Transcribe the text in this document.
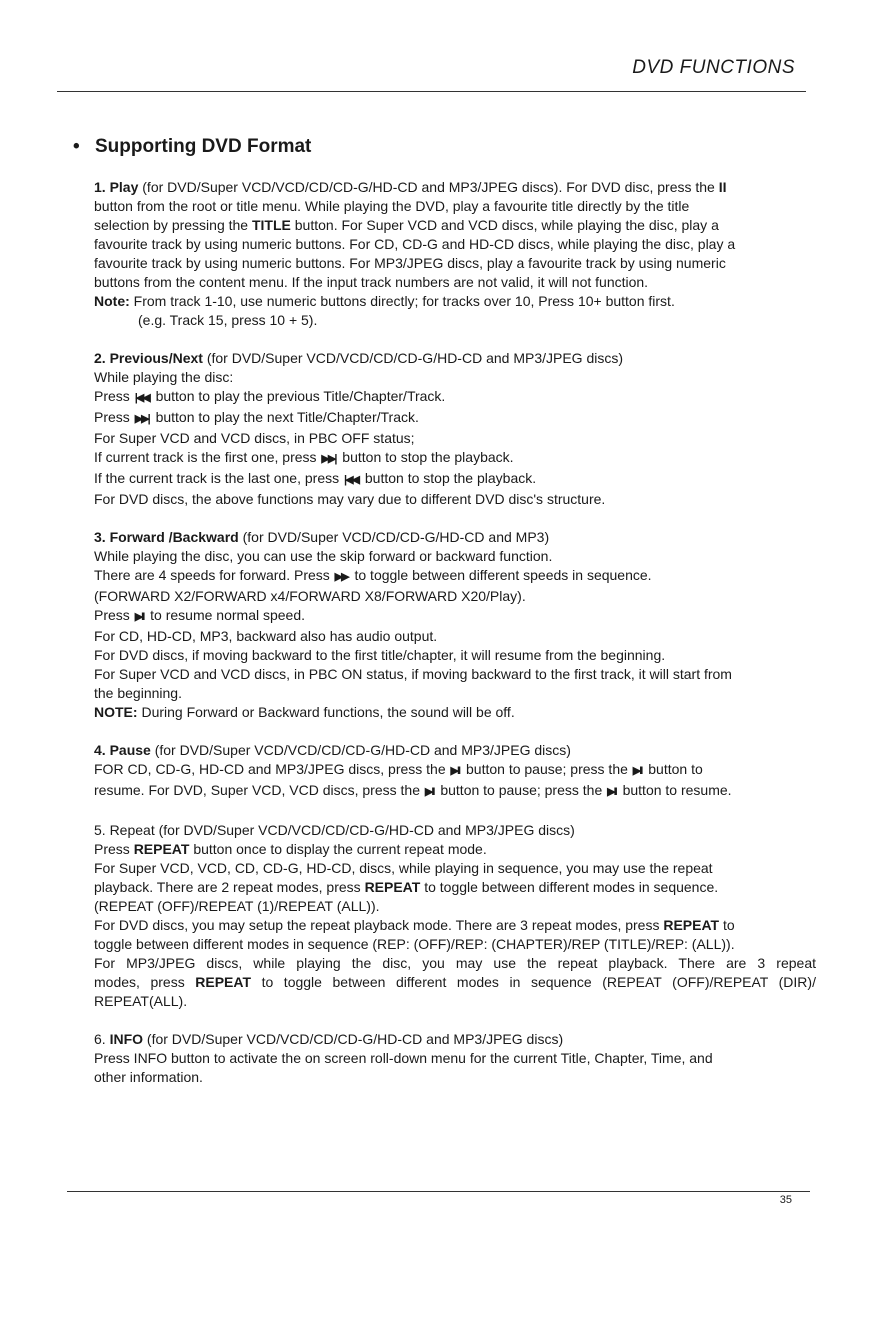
DVD FUNCTIONS
• Supporting DVD Format

1. Play (for DVD/Super VCD/VCD/CD/CD-G/HD-CD and MP3/JPEG discs). For DVD disc, press the II

button from the root or title menu. While playing the DVD, play a favourite title directly by the title

selection by pressing the TITLE button. For Super VCD and VCD discs, while playing the disc, play a

favourite track by using numeric buttons. For CD, CD-G and HD-CD discs, while playing the disc, play a

favourite track by using numeric buttons. For MP3/JPEG discs, play a favourite track by using numeric

buttons from the content menu. If the input track numbers are not valid, it will not function.

Note: From track 1-10, use numeric buttons directly; for tracks over 10, Press 10+ button first.

(e.g. Track 15, press 10 + 5).

2. Previous/Next (for DVD/Super VCD/VCD/CD/CD-G/HD-CD and MP3/JPEG discs)

While playing the disc:

Press |◀◀ button to play the previous Title/Chapter/Track.

Press ▶▶| button to play the next Title/Chapter/Track.

For Super VCD and VCD discs, in PBC OFF status;

If current track is the first one, press ▶▶| button to stop the playback.

If the current track is the last one, press |◀◀ button to stop the playback.

For DVD discs, the above functions may vary due to different DVD disc's structure.

3. Forward /Backward (for DVD/Super VCD/CD/CD-G/HD-CD and MP3)

While playing the disc, you can use the skip forward or backward function.

There are 4 speeds for forward. Press ▶▶ to toggle between different speeds in sequence.

(FORWARD X2/FORWARD x4/FORWARD X8/FORWARD X20/Play).

Press ▶II to resume normal speed.

For CD, HD-CD, MP3, backward also has audio output.

For DVD discs, if moving backward to the first title/chapter, it will resume from the beginning.

For Super VCD and VCD discs, in PBC ON status, if moving backward to the first track, it will start from

the beginning.

NOTE: During Forward or Backward functions, the sound will be off.

4. Pause (for DVD/Super VCD/VCD/CD/CD-G/HD-CD and MP3/JPEG discs)

FOR CD, CD-G, HD-CD and MP3/JPEG discs, press the ▶II button to pause; press the ▶II button to

resume. For DVD, Super VCD, VCD discs, press the ▶II button to pause; press the ▶II button to resume.

5. Repeat (for DVD/Super VCD/VCD/CD/CD-G/HD-CD and MP3/JPEG discs)

Press REPEAT button once to display the current repeat mode.

For Super VCD, VCD, CD, CD-G, HD-CD, discs, while playing in sequence, you may use the repeat

playback. There are 2 repeat modes, press REPEAT to toggle between different modes in sequence.

(REPEAT (OFF)/REPEAT (1)/REPEAT (ALL)).

For DVD discs, you may setup the repeat playback mode. There are 3 repeat modes, press REPEAT to

toggle between different modes in sequence (REP: (OFF)/REP: (CHAPTER)/REP (TITLE)/REP: (ALL)).

For MP3/JPEG discs, while playing the disc, you may use the repeat playback. There are 3 repeat

modes, press REPEAT to toggle between different modes in sequence (REPEAT (OFF)/REPEAT (DIR)/

REPEAT(ALL).

6. INFO (for DVD/Super VCD/VCD/CD/CD-G/HD-CD and MP3/JPEG discs)

Press INFO button to activate the on screen roll-down menu for the current Title, Chapter, Time, and

other information.

35
